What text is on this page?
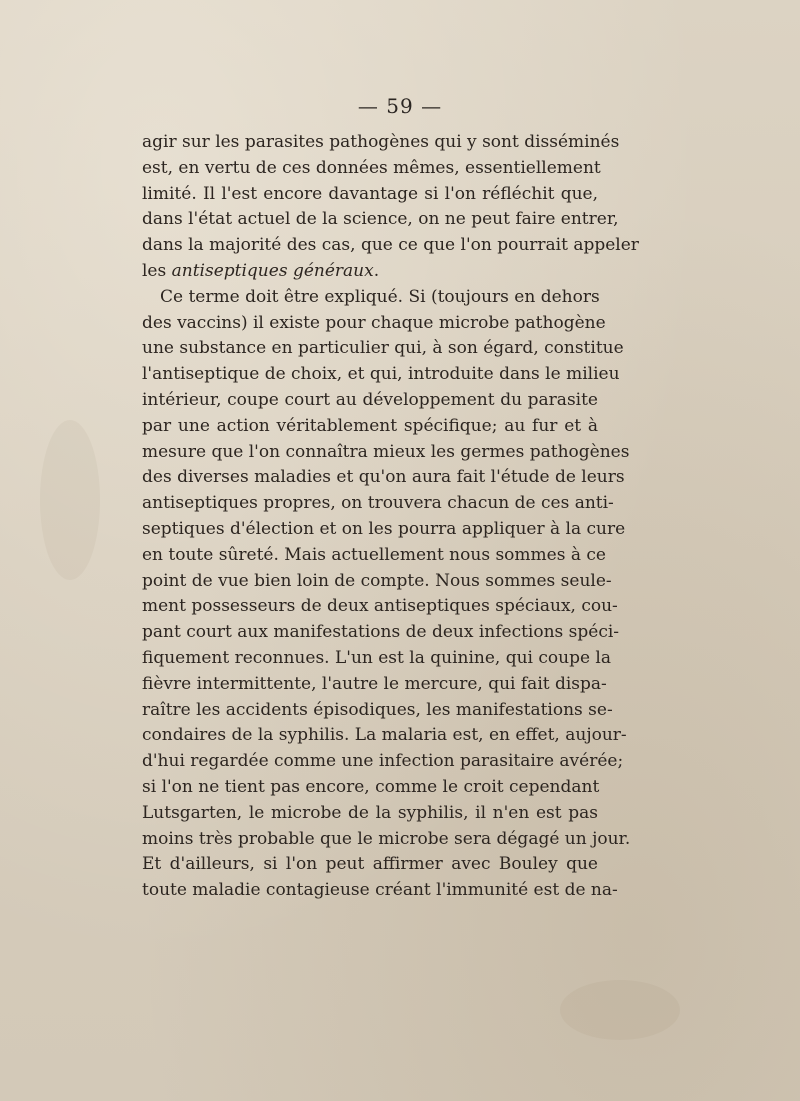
— 59 —
agir sur les parasites pathogènes qui y sont disséminés
est, en vertu de ces données mêmes, essentiellement
limité. Il l'est encore davantage si l'on réfléchit que,
dans l'état actuel de la science, on ne peut faire entrer,
dans la majorité des cas, que ce que l'on pourrait appeler
les antiseptiques généraux.
Ce terme doit être expliqué. Si (toujours en dehors
des vaccins) il existe pour chaque microbe pathogène
une substance en particulier qui, à son égard, constitue
l'antiseptique de choix, et qui, introduite dans le milieu
intérieur, coupe court au développement du parasite
par une action véritablement spécifique; au fur et à
mesure que l'on connaîtra mieux les germes pathogènes
des diverses maladies et qu'on aura fait l'étude de leurs
antiseptiques propres, on trouvera chacun de ces anti-
septiques d'élection et on les pourra appliquer à la cure
en toute sûreté. Mais actuellement nous sommes à ce
point de vue bien loin de compte. Nous sommes seule-
ment possesseurs de deux antiseptiques spéciaux, cou-
pant court aux manifestations de deux infections spéci-
fiquement reconnues. L'un est la quinine, qui coupe la
fièvre intermittente, l'autre le mercure, qui fait dispa-
raître les accidents épisodiques, les manifestations se-
condaires de la syphilis. La malaria est, en effet, aujour-
d'hui regardée comme une infection parasitaire avérée;
si l'on ne tient pas encore, comme le croit cependant
Lutsgarten, le microbe de la syphilis, il n'en est pas
moins très probable que le microbe sera dégagé un jour.
Et d'ailleurs, si l'on peut affirmer avec Bouley que
toute maladie contagieuse créant l'immunité est de na-
